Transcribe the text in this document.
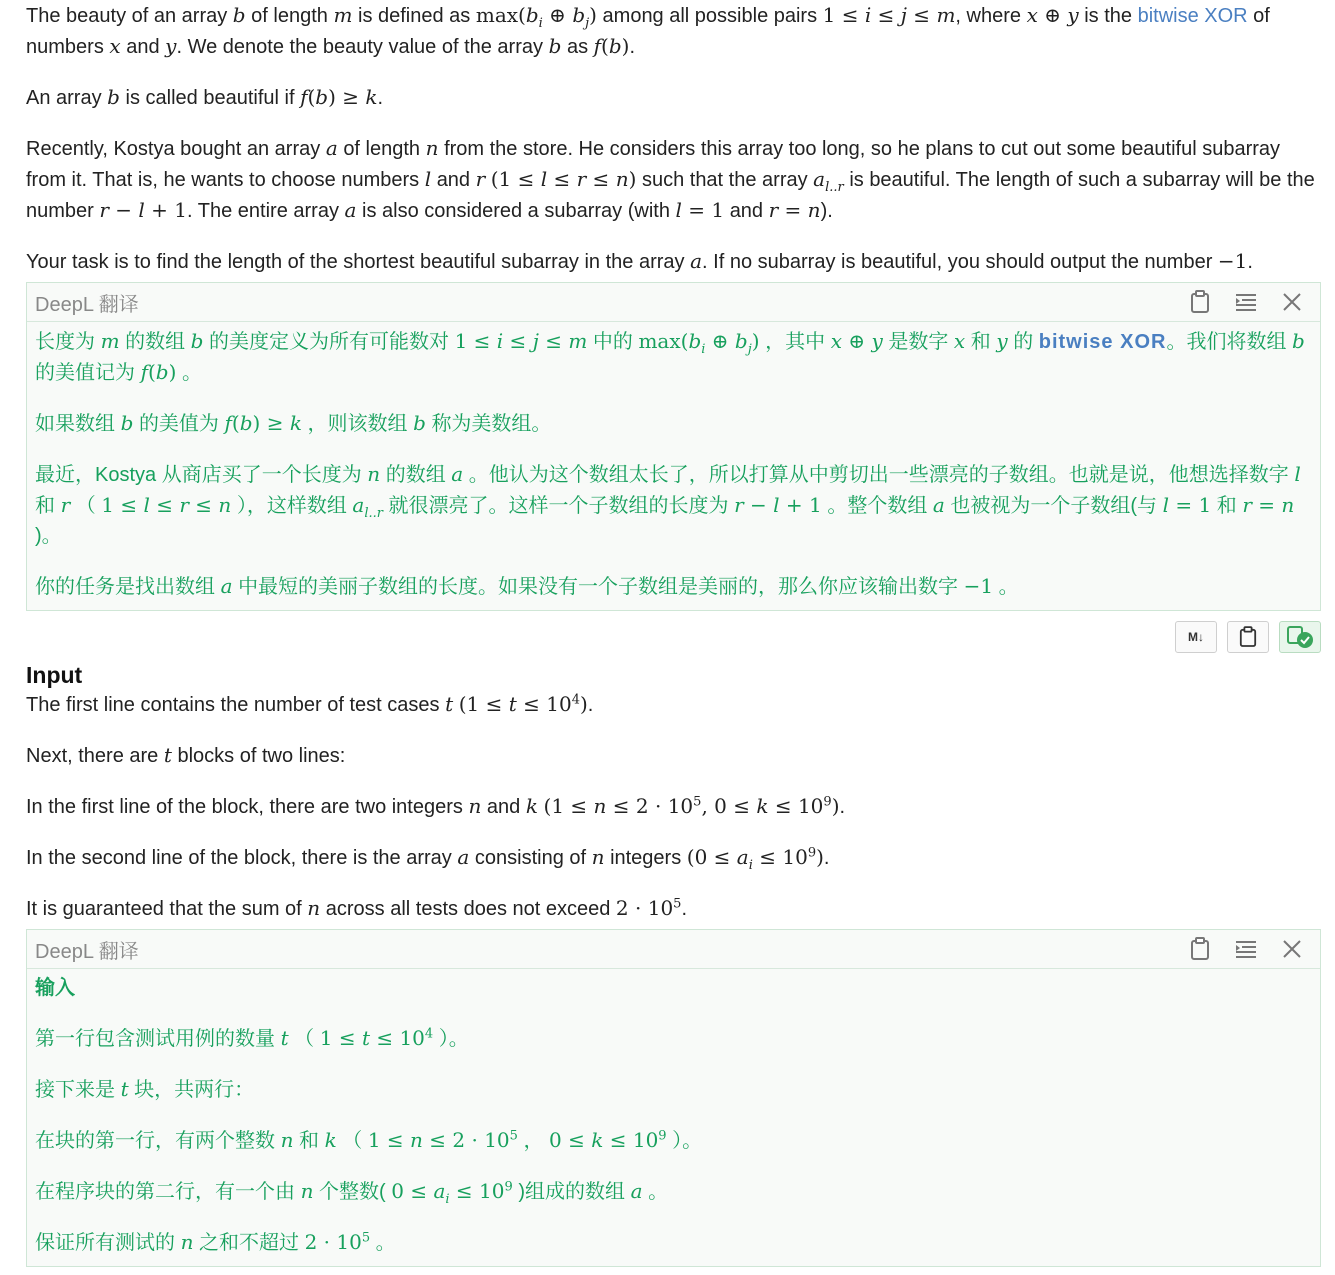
The beauty of an array b of length m is defined as $\max(b_i$ ⊕ $b_j$) among all possible pairs 1 ≤ i ≤ j ≤ m, where x ⊕ y is the bitwise XOR of numbers x and y. We denote the beauty value of the array b as f(b).

An array b is called beautiful if f(b) ≥ k.

Recently, Kostya bought an array a of length n from the store. He considers this array too long, so he plans to cut out some beautiful subarray from it. That is, he wants to choose numbers l and r (1 ≤ l ≤ r ≤ n) such that the array $a_{l..r}$ is beautiful. The length of such a subarray will be the number r − l + 1. The entire array a is also considered a subarray (with l = 1 and r = n).

Your task is to find the length of the shortest beautiful subarray in the array a. If no subarray is beautiful, you should output the number −1.

DeepL 翻译

长度为 m 的数组 b 的美度定义为所有可能数对 1 ≤ i ≤ j ≤ m 中的 $\max(b_i$ ⊕ $b_j$) ，其中 x ⊕ y 是数字 x 和 y 的 bitwise XOR。我们将数组 b 的美值记为 f(b) 。

如果数组 b 的美值为 f(b) ≥ k ，则该数组 b 称为美数组。

最近，Kostya 从商店买了一个长度为 n 的数组 a 。他认为这个数组太长了，所以打算从中剪切出一些漂亮的子数组。也就是说，他想选择数字 l 和 r （ 1 ≤ l ≤ r ≤ n ），这样数组 $a_{l..r}$ 就很漂亮了。这样一个子数组的长度为 r − l + 1 。整个数组 a 也被视为一个子数组(与 l = 1 和 r = n )。

你的任务是找出数组 a 中最短的美丽子数组的长度。如果没有一个子数组是美丽的，那么你应该输出数字 −1 。

M↓
Input

The first line contains the number of test cases t $(1 \le t \le 10^4)$.

Next, there are t blocks of two lines:

In the first line of the block, there are two integers n and k ($1 \le n \le 2 \cdot 10^5$, $0 \le k \le 10^9$).

In the second line of the block, there is the array a consisting of n integers $(0 \le a_i \le 10^9)$.

It is guaranteed that the sum of n across all tests does not exceed $2 \cdot 10^5$.

DeepL 翻译

输入

第一行包含测试用例的数量 t （ $1 \le t \le 10^4$ ）。

接下来是 t 块，共两行：

在块的第一行，有两个整数 n 和 k （ $1 \le n \le 2 \cdot 10^5$ ， $0 \le k \le 10^9$ ）。

在程序块的第二行，有一个由 n 个整数( $0 \le a_i \le 10^9$ )组成的数组 a 。

保证所有测试的 n 之和不超过 $2 \cdot 10^5$ 。
